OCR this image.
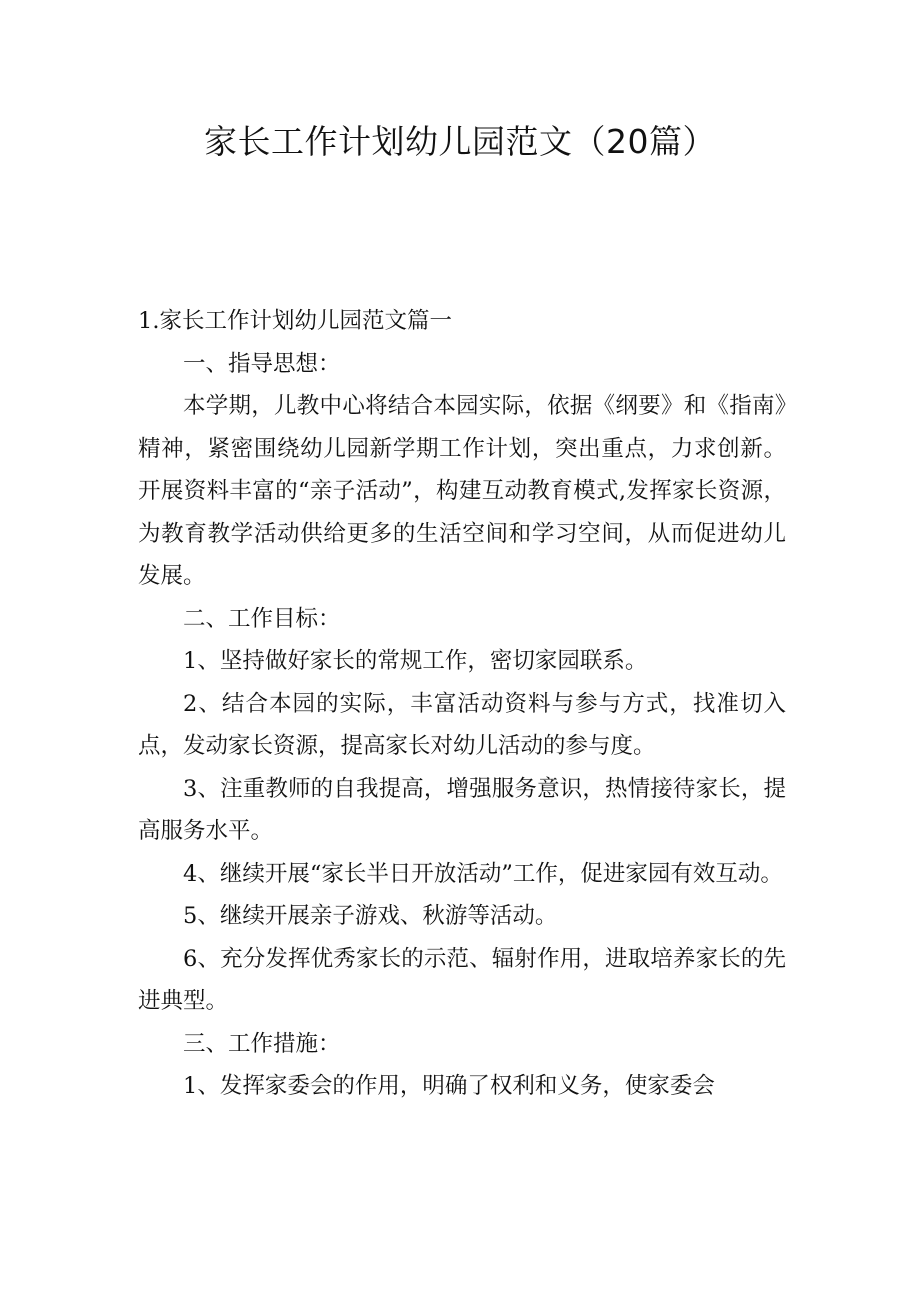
家长工作计划幼儿园范文（20篇）

1.家长工作计划幼儿园范文篇一

一、指导思想：

本学期，儿教中心将结合本园实际，依据《纲要》和《指南》精神，紧密围绕幼儿园新学期工作计划，突出重点，力求创新。开展资料丰富的“亲子活动”，构建互动教育模式,发挥家长资源，为教育教学活动供给更多的生活空间和学习空间，从而促进幼儿发展。

二、工作目标：

1、坚持做好家长的常规工作，密切家园联系。

2、结合本园的实际，丰富活动资料与参与方式，找准切入点，发动家长资源，提高家长对幼儿活动的参与度。

3、注重教师的自我提高，增强服务意识，热情接待家长，提高服务水平。

4、继续开展“家长半日开放活动”工作，促进家园有效互动。

5、继续开展亲子游戏、秋游等活动。

6、充分发挥优秀家长的示范、辐射作用，进取培养家长的先进典型。

三、工作措施：

1、发挥家委会的作用，明确了权利和义务，使家委会
